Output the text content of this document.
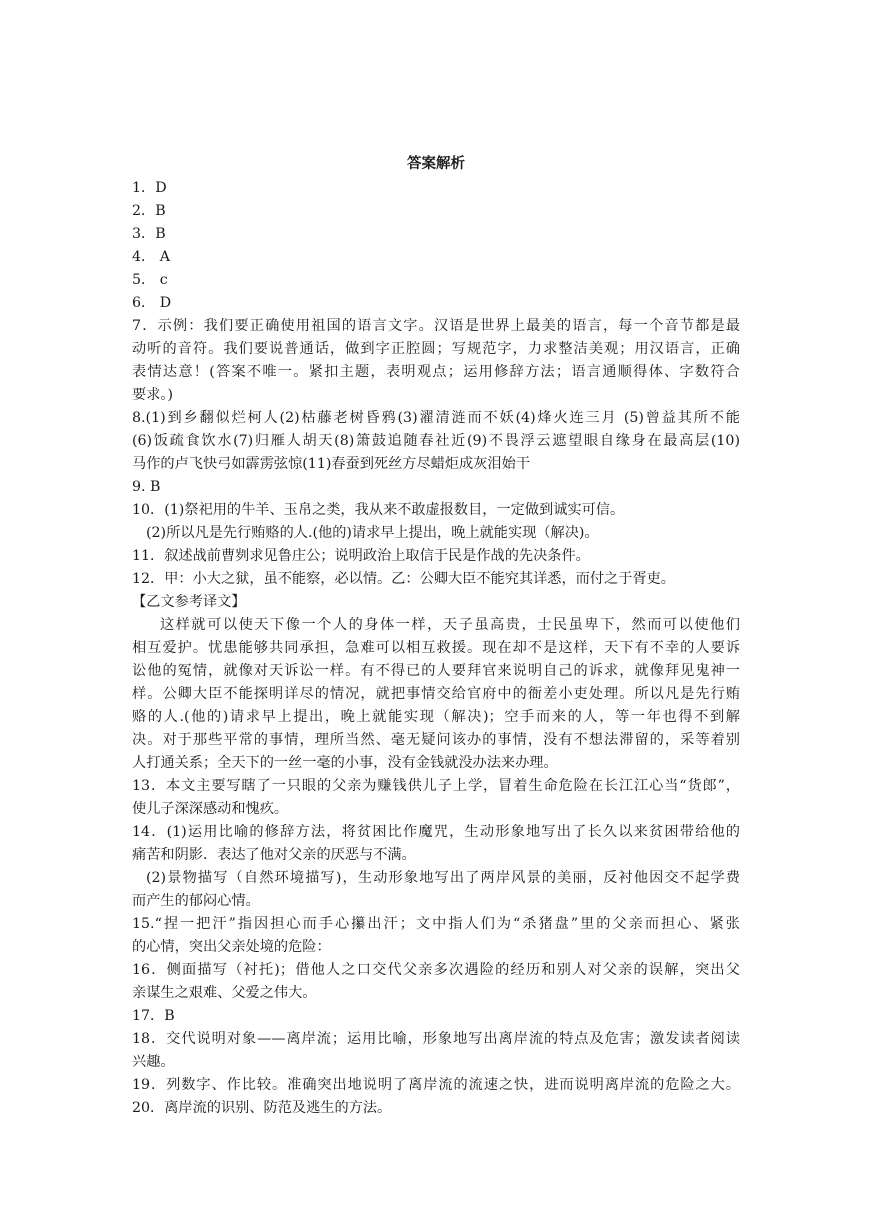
答案解析
1．D
2．B
3．B
4． A
5． c
6． D
7．示例：我们要正确使用祖国的语言文字。汉语是世界上最美的语言，每一个音节都是最
动听的音符。我们要说普通话，做到字正腔圆；写规范字，力求整洁美观；用汉语言，正确
表情达意！(答案不唯一。紧扣主题，表明观点；运用修辞方法；语言通顺得体、字数符合
要求。)
8.(1)到乡翻似烂柯人(2)枯藤老树昏鸦(3)濯清涟而不妖(4)烽火连三月 (5)曾益其所不能
(6)饭疏食饮水(7)归雁人胡天(8)箫鼓追随春社近(9)不畏浮云遮望眼自缘身在最高层(10)
马作的卢飞快弓如霹雳弦惊(11)春蚕到死丝方尽蜡炬成灰泪始干
9. B
10．(1)祭祀用的牛羊、玉帛之类，我从来不敢虚报数目，一定做到诚实可信。
(2)所以凡是先行贿赂的人.(他的)请求早上提出，晚上就能实现（解决)。
11．叙述战前曹刿求见鲁庄公；说明政治上取信于民是作战的先决条件。
12．甲：小大之狱，虽不能察，必以情。乙：公卿大臣不能究其详悉，而付之于胥吏。
【乙文参考译文】
这样就可以使天下像一个人的身体一样，天子虽高贵，士民虽卑下，然而可以使他们
相互爱护。忧患能够共同承担，急难可以相互救援。现在却不是这样，天下有不幸的人要诉
讼他的冤情，就像对天诉讼一样。有不得已的人要拜官来说明自己的诉求，就像拜见鬼神一
样。公卿大臣不能探明详尽的情况，就把事情交给官府中的衙差小吏处理。所以凡是先行贿
赂的人.(他的)请求早上提出，晚上就能实现（解决)；空手而来的人，等一年也得不到解
决。对于那些平常的事情，理所当然、毫无疑问该办的事情，没有不想法滞留的，采等着别
人打通关系；全天下的一丝一毫的小事，没有金钱就没办法来办理。
13．本文主要写瞎了一只眼的父亲为赚钱供儿子上学，冒着生命危险在长江江心当“货郎”，
使儿子深深感动和愧疚。
14．(1)运用比喻的修辞方法，将贫困比作魔咒，生动形象地写出了长久以来贫困带给他的
痛苦和阴影．表达了他对父亲的厌恶与不满。
(2)景物描写（自然环境描写)，生动形象地写出了两岸风景的美丽，反衬他因交不起学费
而产生的郁闷心情。
15.“捏一把汗”指因担心而手心攥出汗；文中指人们为“杀猪盘”里的父亲而担心、紧张
的心情，突出父亲处境的危险：
16．侧面描写（衬托)；借他人之口交代父亲多次遇险的经历和别人对父亲的误解，突出父
亲谋生之艰难、父爱之伟大。
17．B
18．交代说明对象——离岸流；运用比喻，形象地写出离岸流的特点及危害；激发读者阅读
兴趣。
19．列数字、作比较。准确突出地说明了离岸流的流速之快，进而说明离岸流的危险之大。
20．离岸流的识别、防范及逃生的方法。
